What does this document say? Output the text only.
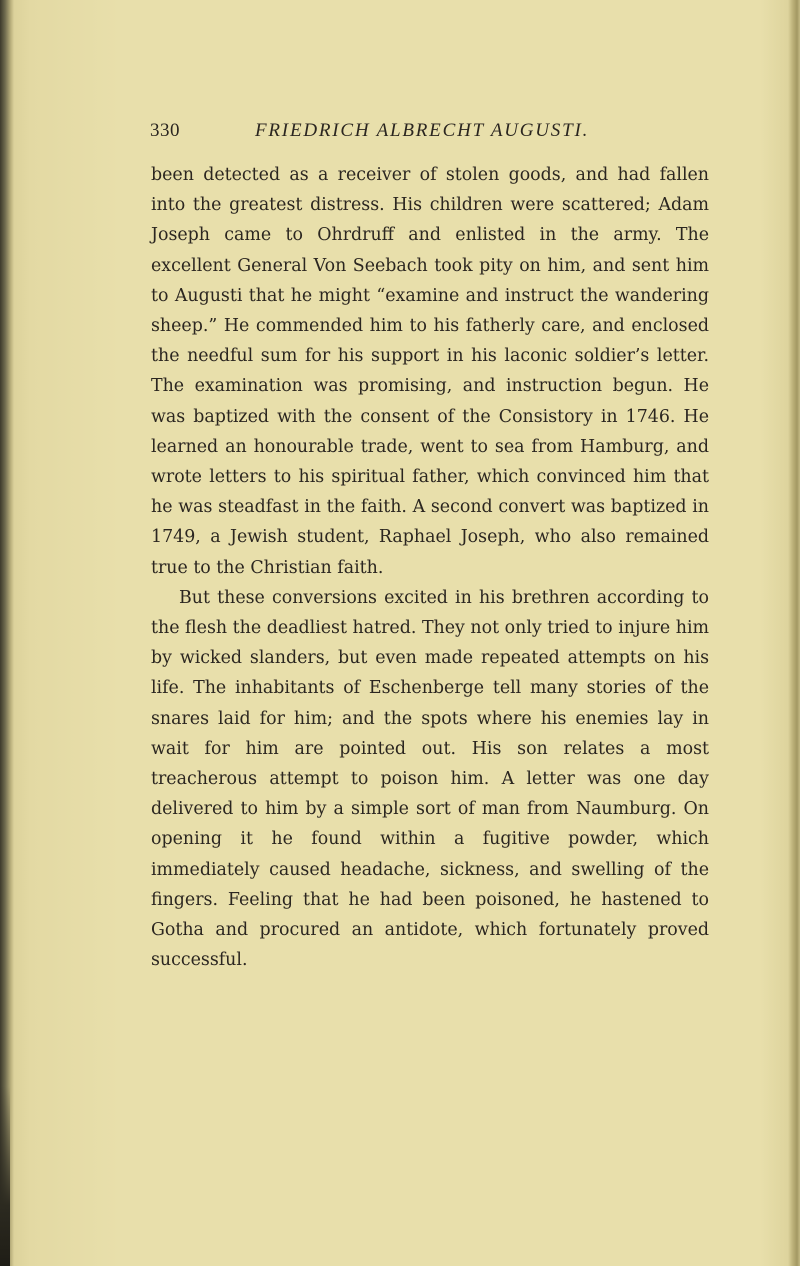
330	FRIEDRICH ALBRECHT AUGUSTI.

been detected as a receiver of stolen goods, and had fallen into the greatest distress. His children were scattered; Adam Joseph came to Ohrdruff and enlisted in the army. The excellent General Von Seebach took pity on him, and sent him to Augusti that he might “examine and instruct the wandering sheep.” He commended him to his fatherly care, and enclosed the needful sum for his support in his laconic soldier’s letter. The examination was promising, and instruction begun. He was baptized with the consent of the Consistory in 1746. He learned an honourable trade, went to sea from Hamburg, and wrote letters to his spiritual father, which convinced him that he was steadfast in the faith. A second convert was baptized in 1749, a Jewish student, Raphael Joseph, who also remained true to the Christian faith.

But these conversions excited in his brethren according to the flesh the deadliest hatred. They not only tried to injure him by wicked slanders, but even made repeated attempts on his life. The inhabitants of Eschenberge tell many stories of the snares laid for him; and the spots where his enemies lay in wait for him are pointed out. His son relates a most treacherous attempt to poison him. A letter was one day delivered to him by a simple sort of man from Naumburg. On opening it he found within a fugitive powder, which immediately caused headache, sickness, and swelling of the fingers. Feeling that he had been poisoned, he hastened to Gotha and procured an antidote, which fortunately proved successful.
